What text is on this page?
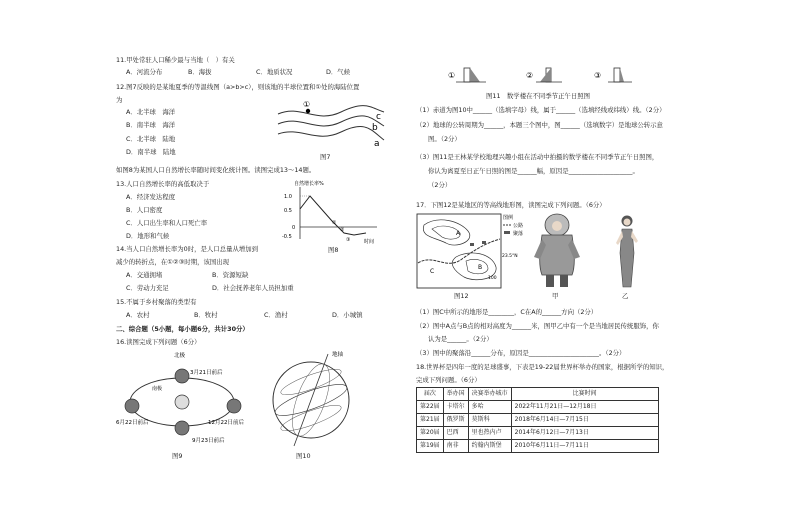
11.甲处常驻人口稀少最与当地（　）有关
A．河流分布	B．海拔	C．地质状况	D．气候
12.图7反映的是某地夏季的等温线图（a>b>c），则该地的半球位置和①处的海陆位置
为
A．北半球　海洋
B．南半球　海洋
C．北半球　陆地
D．南半球　陆地
①
c
b
a
图7
如图8为某国人口自然增长率随时间变化统计图。读图完成13～14题。
13.人口自然增长率的高低取决于
A．经济发达程度
B．人口密度
C．人口出生率和人口死亡率
D．地形和气候
自然增长率%
1.0
0.5
0
-0.5
①
②
③	时间
图8
14.当人口自然增长率为0时，是人口总量从增加到
减少的转折点，在①②③时期，该国出现
A．交通拥堵	B．资源短缺
C．劳动力充足	D．社会抚养老年人员担加重
15.不属于乡村聚落的类型有
A．农村	B．牧村	C．渔村	D．小城镇
二、综合题（5小题，每小题6分，共计30分）
16.读图完成下列问题（6分）
北极
南极
3月21日前后
6月22日前后	12月22日前后
9月23日前后
图9
地轴
图10
①	②	③
图11　数学楼在不同季节正午日照图
（1）赤道为图10中______（选填字母）线，属于______（选填经线或纬线）线。（2分）
（2）地球的公转周期为______，本题三个图中，图______（选填数字）是地球公转示意
图。（2分）
（3）图11是王林某学校地理兴趣小组在活动中拍摄的数学楼在不同季节正午日照图，
你认为离夏至日正午日照的图是______幅，原因是____________________。
（2分）
17．下图12是某地区的等高线地形图，读图完成下列问题。（6分）
A
B
C
100
图例
公路
聚落
23.5°N
图12	甲	乙
（1）图C中所示的地形是________，C在A的______方向（2分）
（2）图中A点与B点的相对高度为______米，图甲乙中有一个是当地居民传统服饰，你
认为是______。（2分）
（3）图中的聚落沿______分布，原因是______________________。（2分）
18.世界杯是四年一度的足球盛事，下表是19-22届世界杯举办的国家，根据所学的知识，
完成下列问题。（6分）
届次	举办国	决赛举办城市	比赛时间
第22届	卡塔尔	多哈	2022年11月21日—12月18日
第21届	俄罗斯	莫斯科	2018年6月14日—7月15日
第20届	巴西	里也热内卢	2014年6月12日—7月13日
第19届	南非	约翰内斯堡	2010年6月11日—7月11日
